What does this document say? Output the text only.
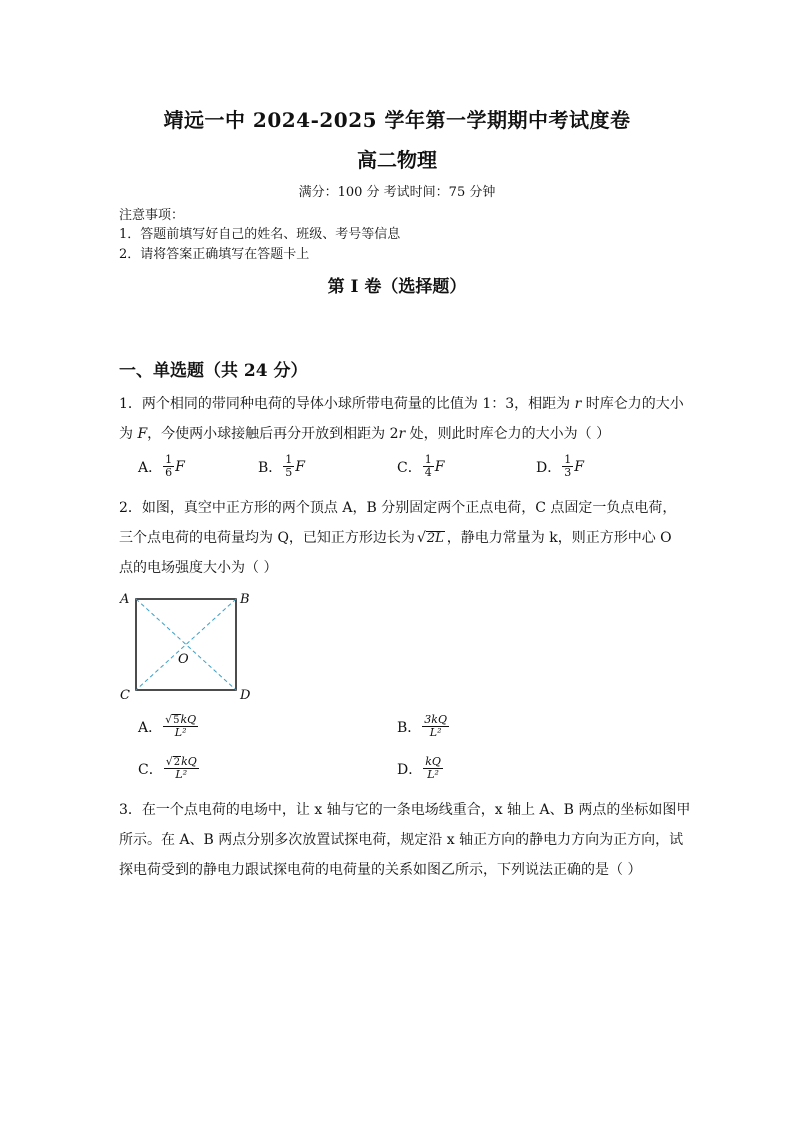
靖远一中 2024-2025 学年第一学期期中考试度卷
高二物理
满分：100 分 考试时间：75 分钟
注意事项：
1．答题前填写好自己的姓名、班级、考号等信息
2．请将答案正确填写在答题卡上
第 I 卷（选择题）
一、单选题（共 24 分）
1．两个相同的带同种电荷的导体小球所带电荷量的比值为 1：3，相距为 r 时库仑力的大小
为 F，今使两小球接触后再分开放到相距为 2r 处，则此时库仑力的大小为（ ）
A． $\frac{1}{6}$ F	B． $\frac{1}{5}$ F	C． $\frac{1}{4}$ F	D． $\frac{1}{3}$ F
2．如图，真空中正方形的两个顶点 A，B 分别固定两个正点电荷，C 点固定一负点电荷，
三个点电荷的电荷量均为 Q，已知正方形边长为 √ 2L ，静电力常量为 k，则正方形中心 O
点的电场强度大小为（ ）
A	B
C	D
O
A． $\frac{√ 5 kQ}{\text{L²}}$	B． $\frac{3kQ}{\text{L²}}$
C． $\frac{√ 2 kQ}{\text{L²}}$	D． $\frac{kQ}{\text{L²}}$
3．在一个点电荷的电场中，让 x 轴与它的一条电场线重合，x 轴上 A、B 两点的坐标如图甲
所示。在 A、B 两点分别多次放置试探电荷，规定沿 x 轴正方向的静电力方向为正方向，试
探电荷受到的静电力跟试探电荷的电荷量的关系如图乙所示，下列说法正确的是（ ）
